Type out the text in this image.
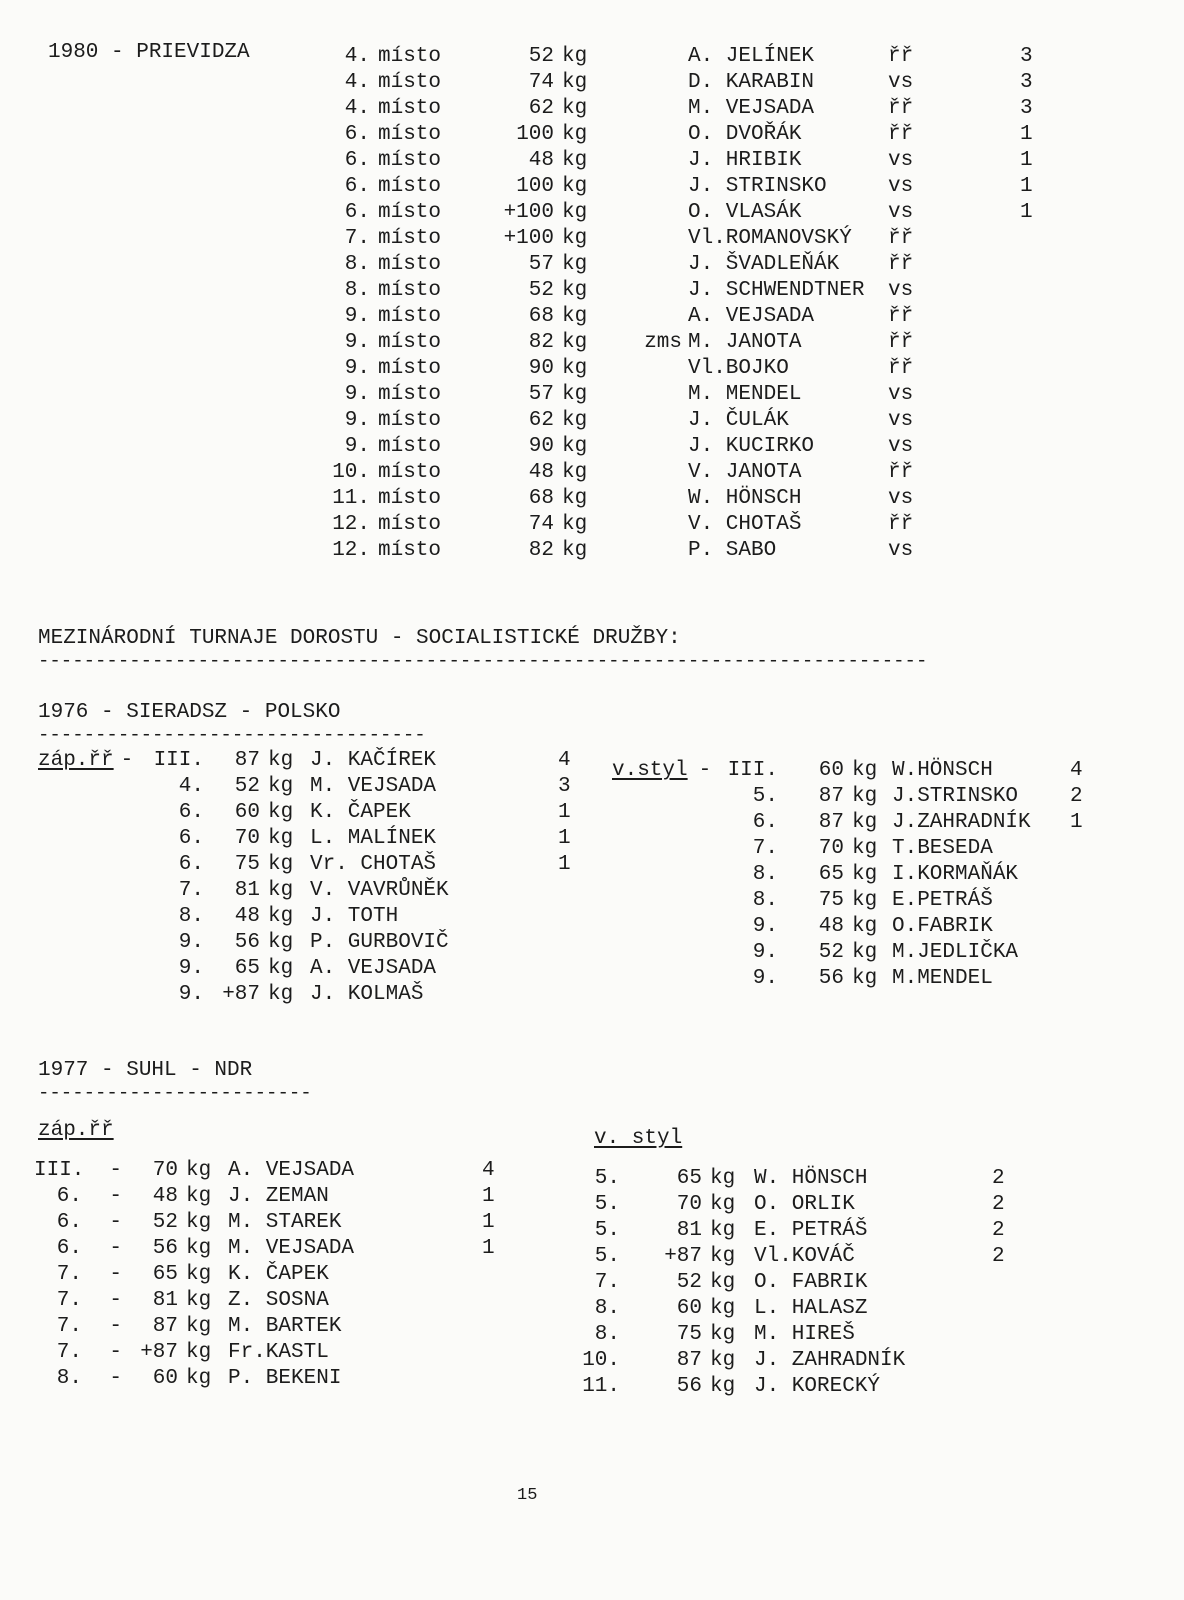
1980 - PRIEVIDZA	4. místo	52 kg	A. JELÍNEK	řř	3
4. místo	74 kg	D. KARABIN	vs	3
4. místo	62 kg	M. VEJSADA	řř	3
6. místo	100 kg	O. DVOŘÁK	řř	1
6. místo	48 kg	J. HRIBIK	vs	1
6. místo	100 kg	J. STRINSKO	vs	1
6. místo	+100 kg	O. VLASÁK	vs	1
7. místo	+100 kg	Vl.ROMANOVSKÝ	řř
8. místo	57 kg	J. ŠVADLEŇÁK	řř
8. místo	52 kg	J. SCHWENDTNER	vs
9. místo	68 kg	A. VEJSADA	řř
9. místo	82 kg	zms M. JANOTA	řř
9. místo	90 kg	Vl.BOJKO	řř
9. místo	57 kg	M. MENDEL	vs
9. místo	62 kg	J. ČULÁK	vs
9. místo	90 kg	J. KUCIRKO	vs
10. místo	48 kg	V. JANOTA	řř
11. místo	68 kg	W. HÖNSCH	vs
12. místo	74 kg	V. CHOTAŠ	řř
12. místo	82 kg	P. SABO	vs
MEZINÁRODNÍ TURNAJE DOROSTU - SOCIALISTICKÉ DRUŽBY:
------------------------------------------------------------------------------
1976 - SIERADSZ - POLSKO
----------------------------------
záp.řř
- III.	87 kg J. KAČÍREK	4
4.	52 kg M. VEJSADA	3
6.	60 kg K. ČAPEK	1
6.	70 kg L. MALÍNEK	1
6.	75 kg Vr. CHOTAŠ	1
7.	81 kg V. VAVRŮNĚK
8.	48 kg J. TOTH
9.	56 kg P. GURBOVIČ
9.	65 kg A. VEJSADA
9. +87 kg J. KOLMAŠ
v.styl
- III.	60 kg W.HÖNSCH	4
5.	87 kg J.STRINSKO	2
6.	87 kg J.ZAHRADNÍK	1
7.	70 kg T.BESEDA
8.	65 kg I.KORMAŇÁK
8.	75 kg E.PETRÁŠ
9.	48 kg O.FABRIK
9.	52 kg M.JEDLIČKA
9.	56 kg M.MENDEL
1977 - SUHL - NDR
------------------------
záp.řř
III.	-	70 kg A. VEJSADA	4
6.	-	48 kg J. ZEMAN	1
6.	-	52 kg M. STAREK	1
6.	-	56 kg M. VEJSADA	1
7.	-	65 kg K. ČAPEK
7.	-	81 kg Z. SOSNA
7.	-	87 kg M. BARTEK
7.	- +87 kg Fr.KASTL
8.	-	60 kg P. BEKENI
v. styl
5.	65 kg W. HÖNSCH	2
5.	70 kg O. ORLIK	2
5.	81 kg E. PETRÁŠ	2
5.	+87 kg Vl.KOVÁČ	2
7.	52 kg O. FABRIK
8.	60 kg L. HALASZ
8.	75 kg M. HIREŠ
10.	87 kg J. ZAHRADNÍK
11.	56 kg J. KORECKÝ
15
